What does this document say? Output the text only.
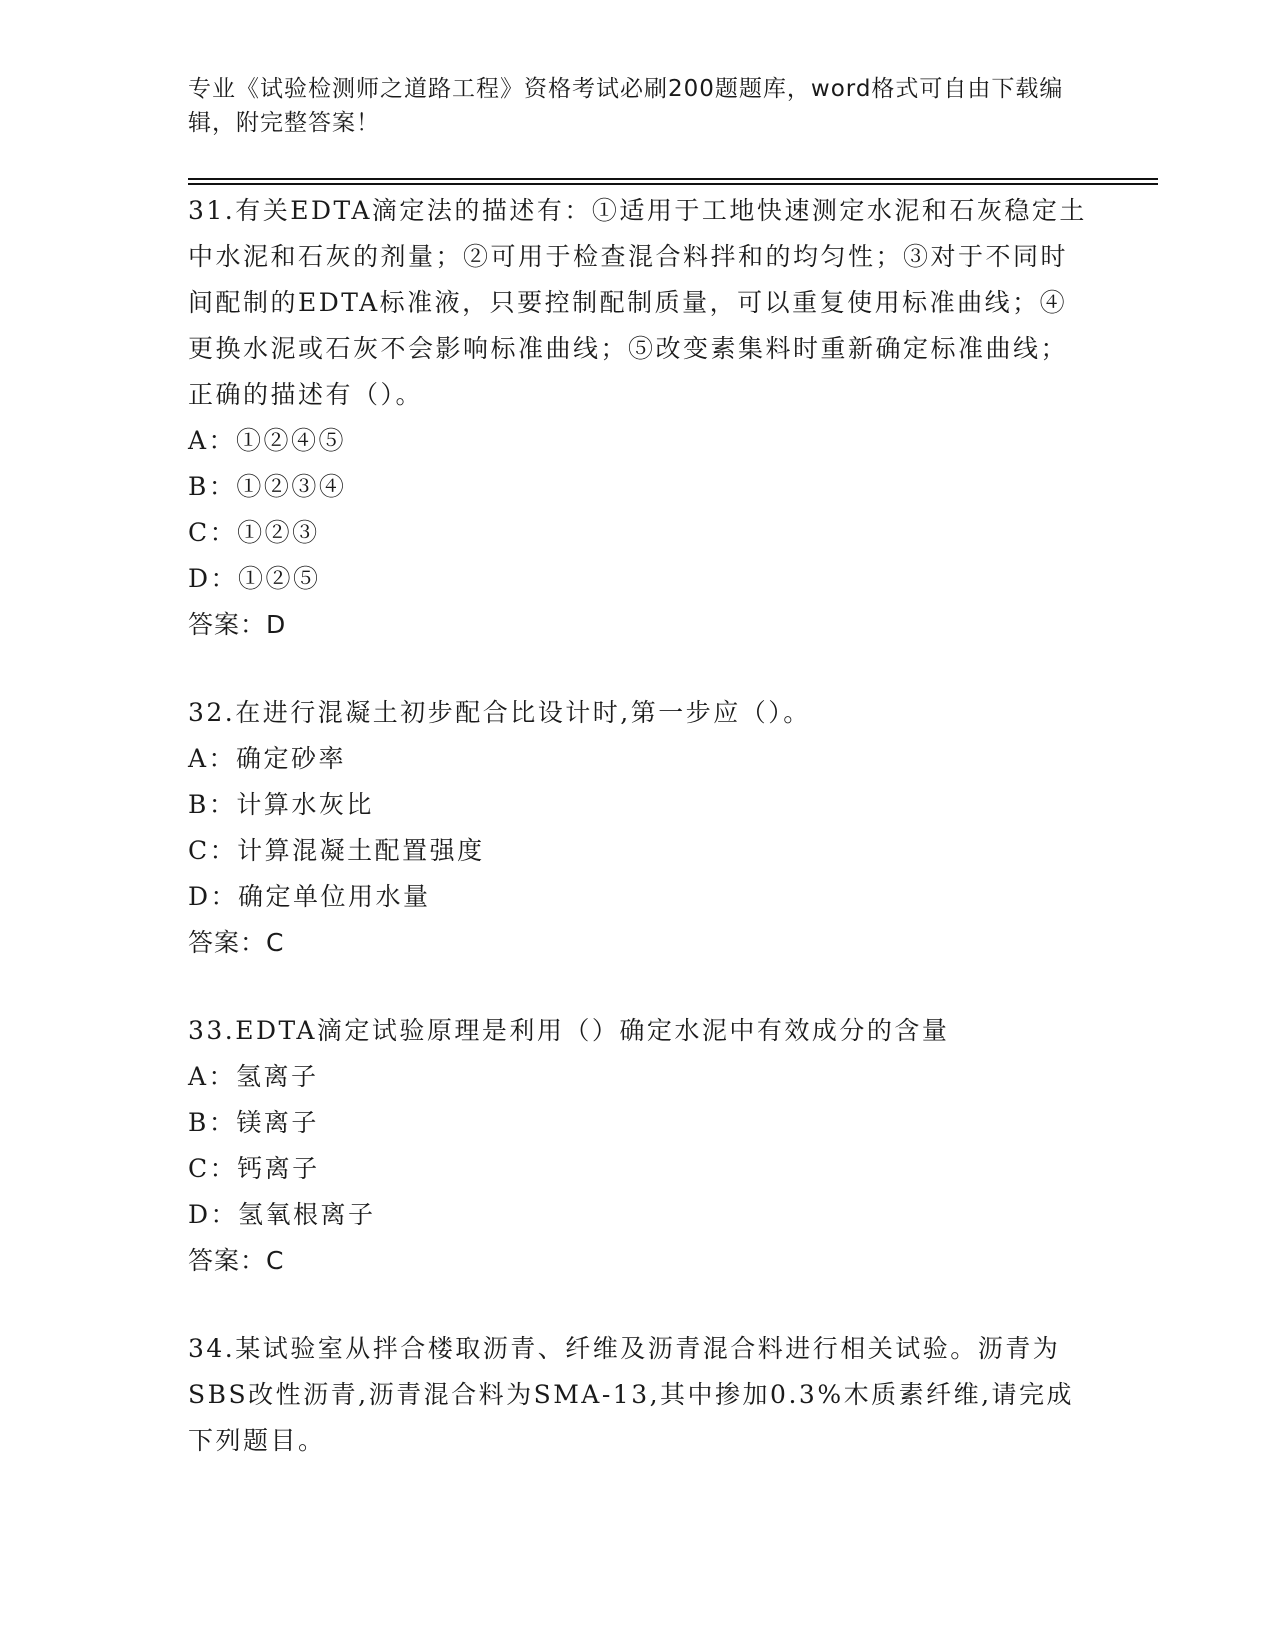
专业《试验检测师之道路工程》资格考试必刷200题题库，word格式可自由下载编辑，附完整答案！

31.有关EDTA滴定法的描述有：①适用于工地快速测定水泥和石灰稳定土中水泥和石灰的剂量；②可用于检查混合料拌和的均匀性；③对于不同时间配制的EDTA标准液，只要控制配制质量，可以重复使用标准曲线；④更换水泥或石灰不会影响标准曲线；⑤改变素集料时重新确定标准曲线；正确的描述有（）。

A：①②④⑤

B：①②③④

C：①②③

D：①②⑤

答案：D

32.在进行混凝土初步配合比设计时,第一步应（）。

A：确定砂率

B：计算水灰比

C：计算混凝土配置强度

D：确定单位用水量

答案：C

33.EDTA滴定试验原理是利用（）确定水泥中有效成分的含量

A：氢离子

B：镁离子

C：钙离子

D：氢氧根离子

答案：C

34.某试验室从拌合楼取沥青、纤维及沥青混合料进行相关试验。沥青为SBS改性沥青,沥青混合料为SMA-13,其中掺加0.3%木质素纤维,请完成下列题目。
